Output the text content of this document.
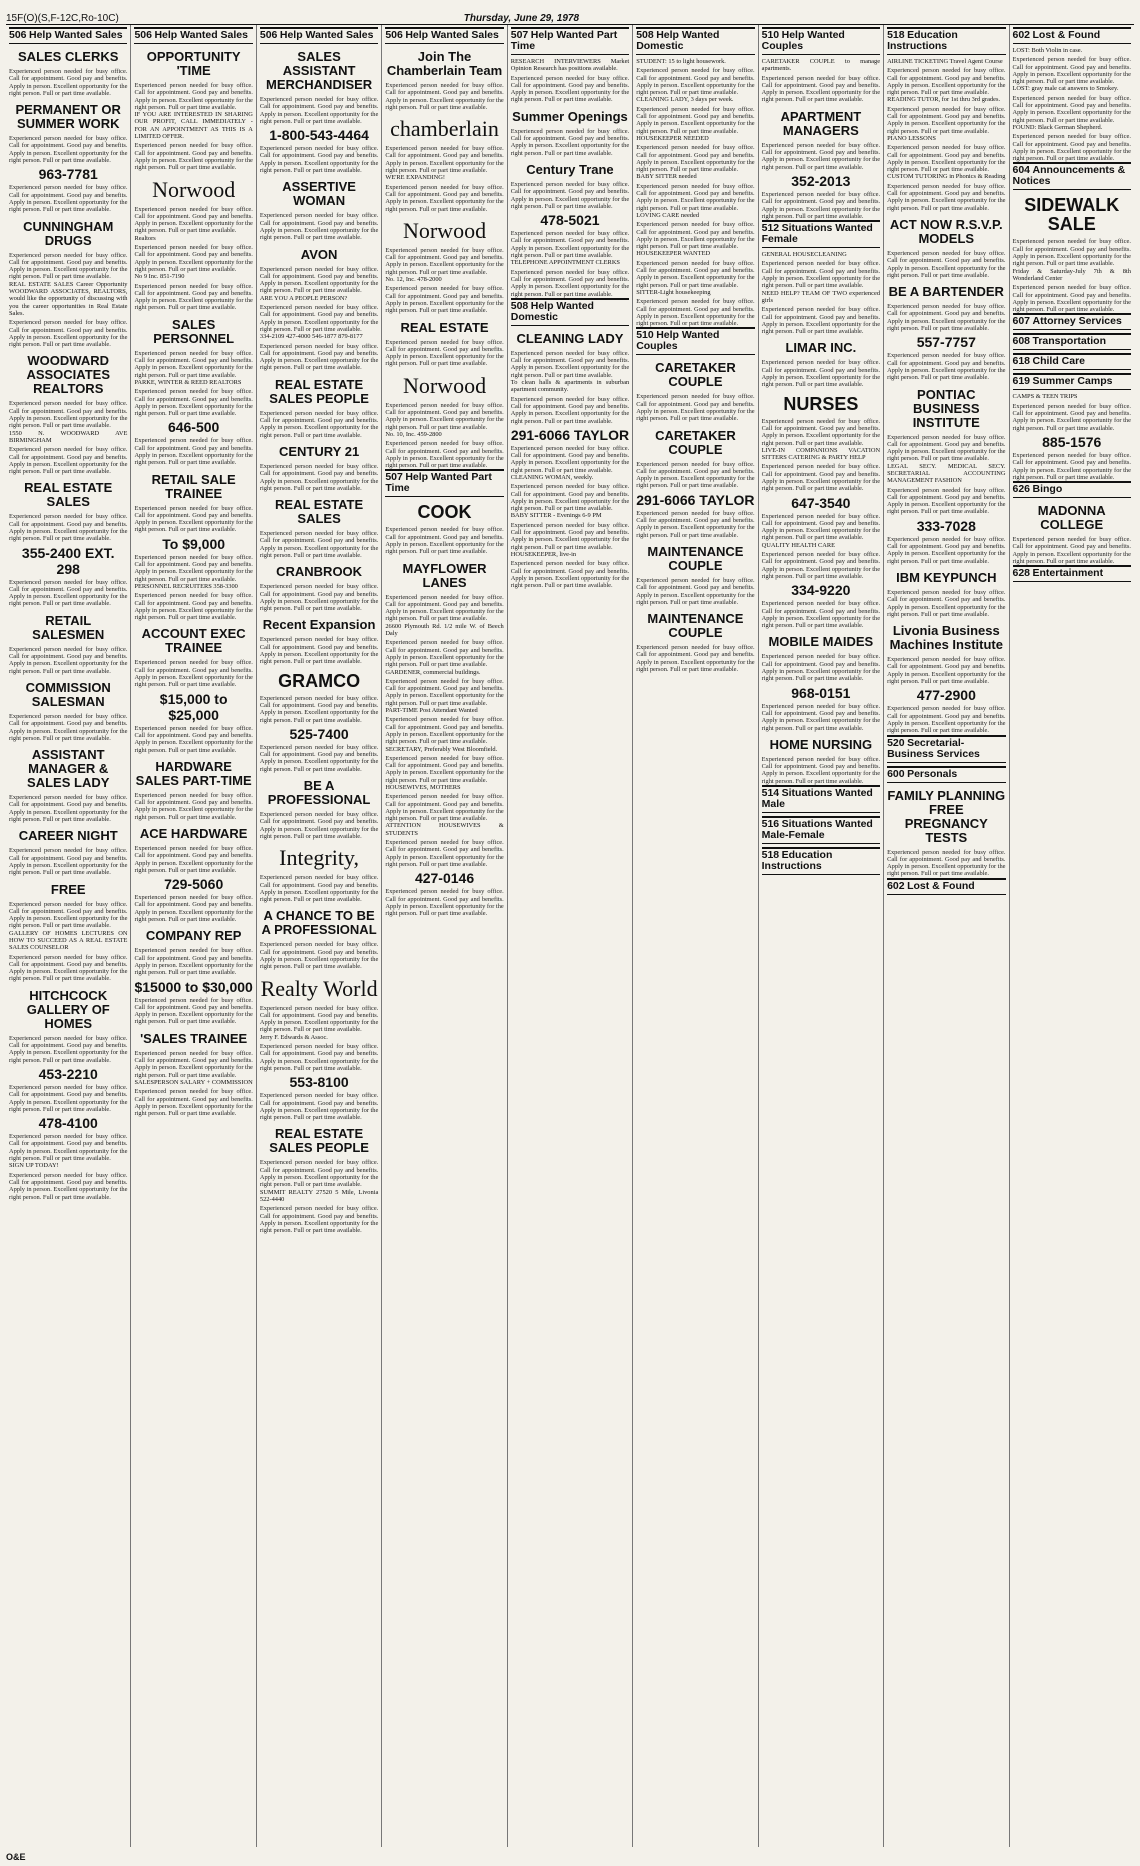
15F(O)(S,F-12C,Ro-10C)	Thursday, June 29, 1978
506 Help Wanted Sales
SALES CLERKS
Experienced person needed for busy office. Call for appointment. Good pay and benefits. Apply in person. Excellent opportunity for the right person. Full or part time available.
PERMANENT OR SUMMER WORK
Experienced person needed for busy office. Call for appointment. Good pay and benefits. Apply in person. Excellent opportunity for the right person. Full or part time available.
963-7781
Experienced person needed for busy office. Call for appointment. Good pay and benefits. Apply in person. Excellent opportunity for the right person. Full or part time available.
CUNNINGHAM DRUGS
Experienced person needed for busy office. Call for appointment. Good pay and benefits. Apply in person. Excellent opportunity for the right person. Full or part time available.
REAL ESTATE SALES Career Opportunity WOODWARD ASSOCIATES, REALTORS, would like the opportunity of discussing with you the career opportunities in Real Estate Sales.
Experienced person needed for busy office. Call for appointment. Good pay and benefits. Apply in person. Excellent opportunity for the right person. Full or part time available.
WOODWARD ASSOCIATES REALTORS
Experienced person needed for busy office. Call for appointment. Good pay and benefits. Apply in person. Excellent opportunity for the right person. Full or part time available.
1550 N. WOODWARD AVE BIRMINGHAM
Experienced person needed for busy office. Call for appointment. Good pay and benefits. Apply in person. Excellent opportunity for the right person. Full or part time available.
REAL ESTATE SALES
Experienced person needed for busy office. Call for appointment. Good pay and benefits. Apply in person. Excellent opportunity for the right person. Full or part time available.
355-2400 EXT. 298
Experienced person needed for busy office. Call for appointment. Good pay and benefits. Apply in person. Excellent opportunity for the right person. Full or part time available.
RETAIL SALESMEN
Experienced person needed for busy office. Call for appointment. Good pay and benefits. Apply in person. Excellent opportunity for the right person. Full or part time available.
COMMISSION SALESMAN
Experienced person needed for busy office. Call for appointment. Good pay and benefits. Apply in person. Excellent opportunity for the right person. Full or part time available.
ASSISTANT MANAGER & SALES LADY
Experienced person needed for busy office. Call for appointment. Good pay and benefits. Apply in person. Excellent opportunity for the right person. Full or part time available.
CAREER NIGHT
Experienced person needed for busy office. Call for appointment. Good pay and benefits. Apply in person. Excellent opportunity for the right person. Full or part time available.
FREE
Experienced person needed for busy office. Call for appointment. Good pay and benefits. Apply in person. Excellent opportunity for the right person. Full or part time available.
GALLERY OF HOMES LECTURES ON HOW TO SUCCEED AS A REAL ESTATE SALES COUNSELOR
Experienced person needed for busy office. Call for appointment. Good pay and benefits. Apply in person. Excellent opportunity for the right person. Full or part time available.
HITCHCOCK GALLERY OF HOMES
Experienced person needed for busy office. Call for appointment. Good pay and benefits. Apply in person. Excellent opportunity for the right person. Full or part time available.
453-2210
Experienced person needed for busy office. Call for appointment. Good pay and benefits. Apply in person. Excellent opportunity for the right person. Full or part time available.
478-4100
Experienced person needed for busy office. Call for appointment. Good pay and benefits. Apply in person. Excellent opportunity for the right person. Full or part time available.
SIGN UP TODAY!
Experienced person needed for busy office. Call for appointment. Good pay and benefits. Apply in person. Excellent opportunity for the right person. Full or part time available.
506 Help Wanted Sales
OPPORTUNITY 'TIME
Experienced person needed for busy office. Call for appointment. Good pay and benefits. Apply in person. Excellent opportunity for the right person. Full or part time available.
IF YOU ARE INTERESTED IN SHARING OUR PROFIT, CALL IMMEDIATELY - FOR AN APPOINTMENT AS THIS IS A LIMITED OFFER.
Experienced person needed for busy office. Call for appointment. Good pay and benefits. Apply in person. Excellent opportunity for the right person. Full or part time available.
Norwood
Experienced person needed for busy office. Call for appointment. Good pay and benefits. Apply in person. Excellent opportunity for the right person. Full or part time available.
Realtors
Experienced person needed for busy office. Call for appointment. Good pay and benefits. Apply in person. Excellent opportunity for the right person. Full or part time available.
No 9 Inc. 851-7190
Experienced person needed for busy office. Call for appointment. Good pay and benefits. Apply in person. Excellent opportunity for the right person. Full or part time available.
SALES PERSONNEL
Experienced person needed for busy office. Call for appointment. Good pay and benefits. Apply in person. Excellent opportunity for the right person. Full or part time available.
PARKE, WINTER & REED REALTORS
Experienced person needed for busy office. Call for appointment. Good pay and benefits. Apply in person. Excellent opportunity for the right person. Full or part time available.
646-500
Experienced person needed for busy office. Call for appointment. Good pay and benefits. Apply in person. Excellent opportunity for the right person. Full or part time available.
RETAIL SALE TRAINEE
Experienced person needed for busy office. Call for appointment. Good pay and benefits. Apply in person. Excellent opportunity for the right person. Full or part time available.
To $9,000
Experienced person needed for busy office. Call for appointment. Good pay and benefits. Apply in person. Excellent opportunity for the right person. Full or part time available.
PERSONNEL RECRUITERS 358-3300
Experienced person needed for busy office. Call for appointment. Good pay and benefits. Apply in person. Excellent opportunity for the right person. Full or part time available.
ACCOUNT EXEC TRAINEE
Experienced person needed for busy office. Call for appointment. Good pay and benefits. Apply in person. Excellent opportunity for the right person. Full or part time available.
$15,000 to $25,000
Experienced person needed for busy office. Call for appointment. Good pay and benefits. Apply in person. Excellent opportunity for the right person. Full or part time available.
HARDWARE SALES PART-TIME
Experienced person needed for busy office. Call for appointment. Good pay and benefits. Apply in person. Excellent opportunity for the right person. Full or part time available.
ACE HARDWARE
Experienced person needed for busy office. Call for appointment. Good pay and benefits. Apply in person. Excellent opportunity for the right person. Full or part time available.
729-5060
Experienced person needed for busy office. Call for appointment. Good pay and benefits. Apply in person. Excellent opportunity for the right person. Full or part time available.
COMPANY REP
Experienced person needed for busy office. Call for appointment. Good pay and benefits. Apply in person. Excellent opportunity for the right person. Full or part time available.
$15000 to $30,000
Experienced person needed for busy office. Call for appointment. Good pay and benefits. Apply in person. Excellent opportunity for the right person. Full or part time available.
'SALES TRAINEE
Experienced person needed for busy office. Call for appointment. Good pay and benefits. Apply in person. Excellent opportunity for the right person. Full or part time available.
SALESPERSON SALARY + COMMISSION
Experienced person needed for busy office. Call for appointment. Good pay and benefits. Apply in person. Excellent opportunity for the right person. Full or part time available.
506 Help Wanted Sales
SALES ASSISTANT MERCHANDISER
Experienced person needed for busy office. Call for appointment. Good pay and benefits. Apply in person. Excellent opportunity for the right person. Full or part time available.
1-800-543-4464
Experienced person needed for busy office. Call for appointment. Good pay and benefits. Apply in person. Excellent opportunity for the right person. Full or part time available.
ASSERTIVE WOMAN
Experienced person needed for busy office. Call for appointment. Good pay and benefits. Apply in person. Excellent opportunity for the right person. Full or part time available.
AVON
Experienced person needed for busy office. Call for appointment. Good pay and benefits. Apply in person. Excellent opportunity for the right person. Full or part time available.
ARE YOU A PEOPLE PERSON?
Experienced person needed for busy office. Call for appointment. Good pay and benefits. Apply in person. Excellent opportunity for the right person. Full or part time available.
334-2109 427-4000 546-1877 879-8177
Experienced person needed for busy office. Call for appointment. Good pay and benefits. Apply in person. Excellent opportunity for the right person. Full or part time available.
REAL ESTATE SALES PEOPLE
Experienced person needed for busy office. Call for appointment. Good pay and benefits. Apply in person. Excellent opportunity for the right person. Full or part time available.
CENTURY 21
Experienced person needed for busy office. Call for appointment. Good pay and benefits. Apply in person. Excellent opportunity for the right person. Full or part time available.
REAL ESTATE SALES
Experienced person needed for busy office. Call for appointment. Good pay and benefits. Apply in person. Excellent opportunity for the right person. Full or part time available.
CRANBROOK
Experienced person needed for busy office. Call for appointment. Good pay and benefits. Apply in person. Excellent opportunity for the right person. Full or part time available.
Recent Expansion
Experienced person needed for busy office. Call for appointment. Good pay and benefits. Apply in person. Excellent opportunity for the right person. Full or part time available.
GRAMCO
Experienced person needed for busy office. Call for appointment. Good pay and benefits. Apply in person. Excellent opportunity for the right person. Full or part time available.
525-7400
Experienced person needed for busy office. Call for appointment. Good pay and benefits. Apply in person. Excellent opportunity for the right person. Full or part time available.
BE A PROFESSIONAL
Experienced person needed for busy office. Call for appointment. Good pay and benefits. Apply in person. Excellent opportunity for the right person. Full or part time available.
Integrity,
Experienced person needed for busy office. Call for appointment. Good pay and benefits. Apply in person. Excellent opportunity for the right person. Full or part time available.
A CHANCE TO BE A PROFESSIONAL
Experienced person needed for busy office. Call for appointment. Good pay and benefits. Apply in person. Excellent opportunity for the right person. Full or part time available.
Realty World
Experienced person needed for busy office. Call for appointment. Good pay and benefits. Apply in person. Excellent opportunity for the right person. Full or part time available.
Jerry F. Edwards & Assoc.
Experienced person needed for busy office. Call for appointment. Good pay and benefits. Apply in person. Excellent opportunity for the right person. Full or part time available.
553-8100
Experienced person needed for busy office. Call for appointment. Good pay and benefits. Apply in person. Excellent opportunity for the right person. Full or part time available.
REAL ESTATE SALES PEOPLE
Experienced person needed for busy office. Call for appointment. Good pay and benefits. Apply in person. Excellent opportunity for the right person. Full or part time available.
SUMMIT REALTY 27520 5 Mile, Livonia 522-4440
Experienced person needed for busy office. Call for appointment. Good pay and benefits. Apply in person. Excellent opportunity for the right person. Full or part time available.
506 Help Wanted Sales
Join The Chamberlain Team
Experienced person needed for busy office. Call for appointment. Good pay and benefits. Apply in person. Excellent opportunity for the right person. Full or part time available.
chamberlain
Experienced person needed for busy office. Call for appointment. Good pay and benefits. Apply in person. Excellent opportunity for the right person. Full or part time available.
WE'RE EXPANDING!
Experienced person needed for busy office. Call for appointment. Good pay and benefits. Apply in person. Excellent opportunity for the right person. Full or part time available.
Norwood
Experienced person needed for busy office. Call for appointment. Good pay and benefits. Apply in person. Excellent opportunity for the right person. Full or part time available.
No. 12, Inc. 478-2000
Experienced person needed for busy office. Call for appointment. Good pay and benefits. Apply in person. Excellent opportunity for the right person. Full or part time available.
REAL ESTATE
Experienced person needed for busy office. Call for appointment. Good pay and benefits. Apply in person. Excellent opportunity for the right person. Full or part time available.
Norwood
Experienced person needed for busy office. Call for appointment. Good pay and benefits. Apply in person. Excellent opportunity for the right person. Full or part time available.
No. 10, Inc. 459-2800
Experienced person needed for busy office. Call for appointment. Good pay and benefits. Apply in person. Excellent opportunity for the right person. Full or part time available.
507 Help Wanted Part Time
COOK
Experienced person needed for busy office. Call for appointment. Good pay and benefits. Apply in person. Excellent opportunity for the right person. Full or part time available.
MAYFLOWER LANES
Experienced person needed for busy office. Call for appointment. Good pay and benefits. Apply in person. Excellent opportunity for the right person. Full or part time available.
26600 Plymouth Rd. 1/2 mile W. of Beech Daly
Experienced person needed for busy office. Call for appointment. Good pay and benefits. Apply in person. Excellent opportunity for the right person. Full or part time available.
GARDENER, commercial buildings.
Experienced person needed for busy office. Call for appointment. Good pay and benefits. Apply in person. Excellent opportunity for the right person. Full or part time available.
PART-TIME Post Attendant Wanted
Experienced person needed for busy office. Call for appointment. Good pay and benefits. Apply in person. Excellent opportunity for the right person. Full or part time available.
SECRETARY, Preferably West Bloomfield.
Experienced person needed for busy office. Call for appointment. Good pay and benefits. Apply in person. Excellent opportunity for the right person. Full or part time available.
HOUSEWIVES, MOTHERS
Experienced person needed for busy office. Call for appointment. Good pay and benefits. Apply in person. Excellent opportunity for the right person. Full or part time available.
ATTENTION HOUSEWIVES & STUDENTS
Experienced person needed for busy office. Call for appointment. Good pay and benefits. Apply in person. Excellent opportunity for the right person. Full or part time available.
427-0146
Experienced person needed for busy office. Call for appointment. Good pay and benefits. Apply in person. Excellent opportunity for the right person. Full or part time available.
507 Help Wanted Part Time
RESEARCH INTERVIEWERS Market Opinion Research has positions available.
Experienced person needed for busy office. Call for appointment. Good pay and benefits. Apply in person. Excellent opportunity for the right person. Full or part time available.
Summer Openings
Experienced person needed for busy office. Call for appointment. Good pay and benefits. Apply in person. Excellent opportunity for the right person. Full or part time available.
Century Trane
Experienced person needed for busy office. Call for appointment. Good pay and benefits. Apply in person. Excellent opportunity for the right person. Full or part time available.
478-5021
Experienced person needed for busy office. Call for appointment. Good pay and benefits. Apply in person. Excellent opportunity for the right person. Full or part time available.
TELEPHONE APPOINTMENT CLERKS
Experienced person needed for busy office. Call for appointment. Good pay and benefits. Apply in person. Excellent opportunity for the right person. Full or part time available.
508 Help Wanted Domestic
CLEANING LADY
Experienced person needed for busy office. Call for appointment. Good pay and benefits. Apply in person. Excellent opportunity for the right person. Full or part time available.
To clean halls & apartments in suburban apartment community.
Experienced person needed for busy office. Call for appointment. Good pay and benefits. Apply in person. Excellent opportunity for the right person. Full or part time available.
291-6066 TAYLOR
Experienced person needed for busy office. Call for appointment. Good pay and benefits. Apply in person. Excellent opportunity for the right person. Full or part time available.
CLEANING WOMAN, weekly.
Experienced person needed for busy office. Call for appointment. Good pay and benefits. Apply in person. Excellent opportunity for the right person. Full or part time available.
BABY SITTER - Evenings 6-9 PM
Experienced person needed for busy office. Call for appointment. Good pay and benefits. Apply in person. Excellent opportunity for the right person. Full or part time available.
HOUSEKEEPER, live-in
Experienced person needed for busy office. Call for appointment. Good pay and benefits. Apply in person. Excellent opportunity for the right person. Full or part time available.
508 Help Wanted Domestic
STUDENT: 15 to light housework.
Experienced person needed for busy office. Call for appointment. Good pay and benefits. Apply in person. Excellent opportunity for the right person. Full or part time available.
CLEANING LADY, 3 days per week.
Experienced person needed for busy office. Call for appointment. Good pay and benefits. Apply in person. Excellent opportunity for the right person. Full or part time available.
HOUSEKEEPER NEEDED
Experienced person needed for busy office. Call for appointment. Good pay and benefits. Apply in person. Excellent opportunity for the right person. Full or part time available.
BABY SITTER needed
Experienced person needed for busy office. Call for appointment. Good pay and benefits. Apply in person. Excellent opportunity for the right person. Full or part time available.
LOVING CARE needed
Experienced person needed for busy office. Call for appointment. Good pay and benefits. Apply in person. Excellent opportunity for the right person. Full or part time available.
HOUSEKEEPER WANTED
Experienced person needed for busy office. Call for appointment. Good pay and benefits. Apply in person. Excellent opportunity for the right person. Full or part time available.
SITTER-Light housekeeping
Experienced person needed for busy office. Call for appointment. Good pay and benefits. Apply in person. Excellent opportunity for the right person. Full or part time available.
510 Help Wanted Couples
CARETAKER COUPLE
Experienced person needed for busy office. Call for appointment. Good pay and benefits. Apply in person. Excellent opportunity for the right person. Full or part time available.
CARETAKER COUPLE
Experienced person needed for busy office. Call for appointment. Good pay and benefits. Apply in person. Excellent opportunity for the right person. Full or part time available.
291-6066 TAYLOR
Experienced person needed for busy office. Call for appointment. Good pay and benefits. Apply in person. Excellent opportunity for the right person. Full or part time available.
MAINTENANCE COUPLE
Experienced person needed for busy office. Call for appointment. Good pay and benefits. Apply in person. Excellent opportunity for the right person. Full or part time available.
MAINTENANCE COUPLE
Experienced person needed for busy office. Call for appointment. Good pay and benefits. Apply in person. Excellent opportunity for the right person. Full or part time available.
510 Help Wanted Couples
CARETAKER COUPLE to manage apartments.
Experienced person needed for busy office. Call for appointment. Good pay and benefits. Apply in person. Excellent opportunity for the right person. Full or part time available.
APARTMENT MANAGERS
Experienced person needed for busy office. Call for appointment. Good pay and benefits. Apply in person. Excellent opportunity for the right person. Full or part time available.
352-2013
Experienced person needed for busy office. Call for appointment. Good pay and benefits. Apply in person. Excellent opportunity for the right person. Full or part time available.
512 Situations Wanted Female
GENERAL HOUSECLEANING
Experienced person needed for busy office. Call for appointment. Good pay and benefits. Apply in person. Excellent opportunity for the right person. Full or part time available.
NEED HELP? TEAM OF TWO experienced girls
Experienced person needed for busy office. Call for appointment. Good pay and benefits. Apply in person. Excellent opportunity for the right person. Full or part time available.
LIMAR INC.
Experienced person needed for busy office. Call for appointment. Good pay and benefits. Apply in person. Excellent opportunity for the right person. Full or part time available.
NURSES
Experienced person needed for busy office. Call for appointment. Good pay and benefits. Apply in person. Excellent opportunity for the right person. Full or part time available.
LIVE-IN COMPANIONS VACATION SITTERS CATERING & PARTY HELP
Experienced person needed for busy office. Call for appointment. Good pay and benefits. Apply in person. Excellent opportunity for the right person. Full or part time available.
647-3540
Experienced person needed for busy office. Call for appointment. Good pay and benefits. Apply in person. Excellent opportunity for the right person. Full or part time available.
QUALITY HEALTH CARE
Experienced person needed for busy office. Call for appointment. Good pay and benefits. Apply in person. Excellent opportunity for the right person. Full or part time available.
334-9220
Experienced person needed for busy office. Call for appointment. Good pay and benefits. Apply in person. Excellent opportunity for the right person. Full or part time available.
MOBILE MAIDES
Experienced person needed for busy office. Call for appointment. Good pay and benefits. Apply in person. Excellent opportunity for the right person. Full or part time available.
968-0151
Experienced person needed for busy office. Call for appointment. Good pay and benefits. Apply in person. Excellent opportunity for the right person. Full or part time available.
HOME NURSING
Experienced person needed for busy office. Call for appointment. Good pay and benefits. Apply in person. Excellent opportunity for the right person. Full or part time available.
514 Situations Wanted Male
516 Situations Wanted Male-Female
518 Education Instructions
518 Education Instructions
AIRLINE TICKETING Travel Agent Course
Experienced person needed for busy office. Call for appointment. Good pay and benefits. Apply in person. Excellent opportunity for the right person. Full or part time available.
READING TUTOR, for 1st thru 3rd grades.
Experienced person needed for busy office. Call for appointment. Good pay and benefits. Apply in person. Excellent opportunity for the right person. Full or part time available.
PIANO LESSONS
Experienced person needed for busy office. Call for appointment. Good pay and benefits. Apply in person. Excellent opportunity for the right person. Full or part time available.
CUSTOM TUTORING in Phonics & Reading
Experienced person needed for busy office. Call for appointment. Good pay and benefits. Apply in person. Excellent opportunity for the right person. Full or part time available.
ACT NOW R.S.V.P. MODELS
Experienced person needed for busy office. Call for appointment. Good pay and benefits. Apply in person. Excellent opportunity for the right person. Full or part time available.
BE A BARTENDER
Experienced person needed for busy office. Call for appointment. Good pay and benefits. Apply in person. Excellent opportunity for the right person. Full or part time available.
557-7757
Experienced person needed for busy office. Call for appointment. Good pay and benefits. Apply in person. Excellent opportunity for the right person. Full or part time available.
PONTIAC BUSINESS INSTITUTE
Experienced person needed for busy office. Call for appointment. Good pay and benefits. Apply in person. Excellent opportunity for the right person. Full or part time available.
LEGAL SECY. MEDICAL SECY. SECRETARIAL ACCOUNTING MANAGEMENT FASHION
Experienced person needed for busy office. Call for appointment. Good pay and benefits. Apply in person. Excellent opportunity for the right person. Full or part time available.
333-7028
Experienced person needed for busy office. Call for appointment. Good pay and benefits. Apply in person. Excellent opportunity for the right person. Full or part time available.
IBM KEYPUNCH
Experienced person needed for busy office. Call for appointment. Good pay and benefits. Apply in person. Excellent opportunity for the right person. Full or part time available.
Livonia Business Machines Institute
Experienced person needed for busy office. Call for appointment. Good pay and benefits. Apply in person. Excellent opportunity for the right person. Full or part time available.
477-2900
Experienced person needed for busy office. Call for appointment. Good pay and benefits. Apply in person. Excellent opportunity for the right person. Full or part time available.
520 Secretarial-Business Services
600 Personals
FAMILY PLANNING FREE PREGNANCY TESTS
Experienced person needed for busy office. Call for appointment. Good pay and benefits. Apply in person. Excellent opportunity for the right person. Full or part time available.
602 Lost & Found
602 Lost & Found
LOST: Both Violin in case.
Experienced person needed for busy office. Call for appointment. Good pay and benefits. Apply in person. Excellent opportunity for the right person. Full or part time available.
LOST: gray male cat answers to Smokey.
Experienced person needed for busy office. Call for appointment. Good pay and benefits. Apply in person. Excellent opportunity for the right person. Full or part time available.
FOUND: Black German Shepherd.
Experienced person needed for busy office. Call for appointment. Good pay and benefits. Apply in person. Excellent opportunity for the right person. Full or part time available.
604 Announcements & Notices
SIDEWALK SALE
Experienced person needed for busy office. Call for appointment. Good pay and benefits. Apply in person. Excellent opportunity for the right person. Full or part time available.
Friday & Saturday-July 7th & 8th Wonderland Center
Experienced person needed for busy office. Call for appointment. Good pay and benefits. Apply in person. Excellent opportunity for the right person. Full or part time available.
607 Attorney Services
608 Transportation
618 Child Care
619 Summer Camps
CAMPS & TEEN TRIPS
Experienced person needed for busy office. Call for appointment. Good pay and benefits. Apply in person. Excellent opportunity for the right person. Full or part time available.
885-1576
Experienced person needed for busy office. Call for appointment. Good pay and benefits. Apply in person. Excellent opportunity for the right person. Full or part time available.
626 Bingo
MADONNA COLLEGE
Experienced person needed for busy office. Call for appointment. Good pay and benefits. Apply in person. Excellent opportunity for the right person. Full or part time available.
628 Entertainment
O&E
